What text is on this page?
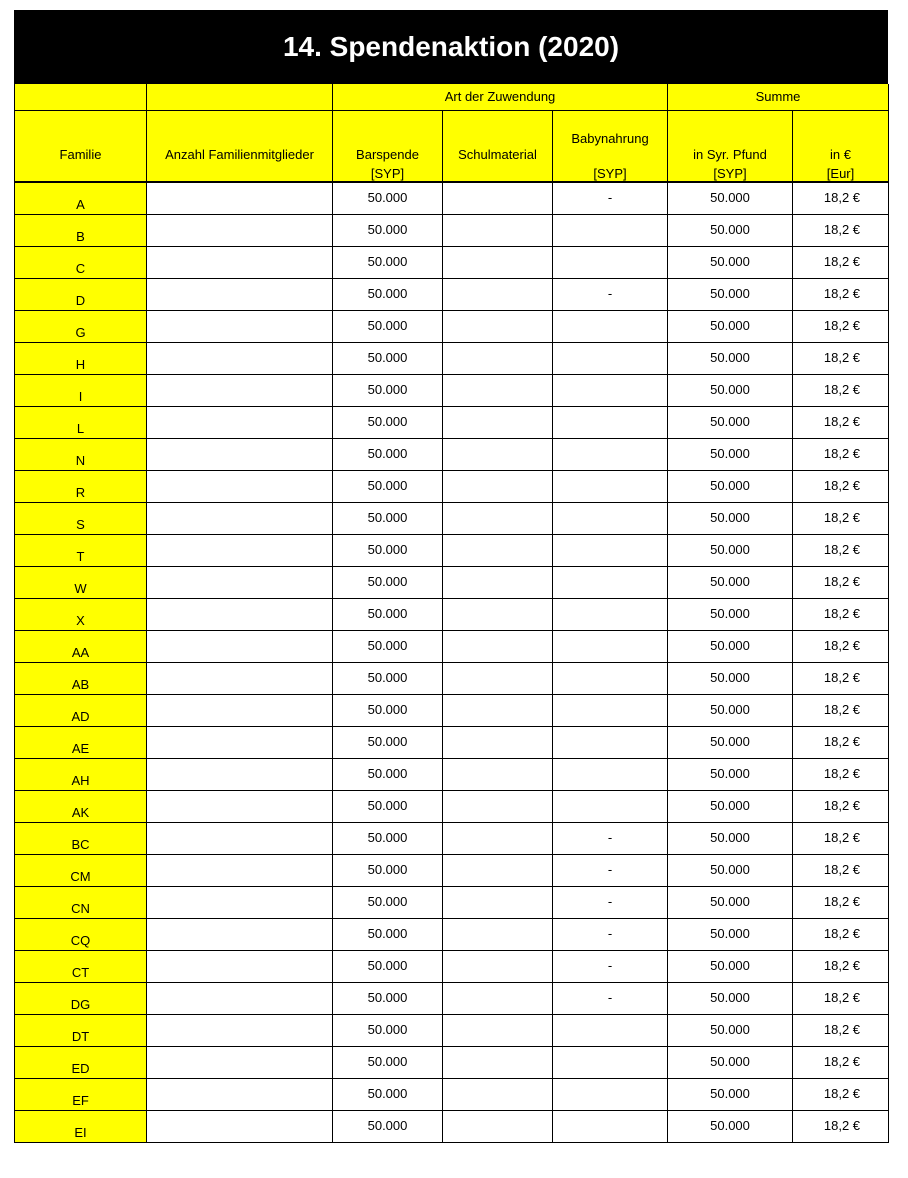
14. Spendenaktion (2020)
		Art der Zuwendung			Summe	
Familie	Anzahl Familienmitglieder	Barspende	Schulmaterial	Babynahrung	in Syr. Pfund	in €
		[SYP]		[SYP]	[SYP]	[Eur]
A		50.000		-	50.000	18,2 €
B		50.000			50.000	18,2 €
C		50.000			50.000	18,2 €
D		50.000		-	50.000	18,2 €
G		50.000			50.000	18,2 €
H		50.000			50.000	18,2 €
I		50.000			50.000	18,2 €
L		50.000			50.000	18,2 €
N		50.000			50.000	18,2 €
R		50.000			50.000	18,2 €
S		50.000			50.000	18,2 €
T		50.000			50.000	18,2 €
W		50.000			50.000	18,2 €
X		50.000			50.000	18,2 €
AA		50.000			50.000	18,2 €
AB		50.000			50.000	18,2 €
AD		50.000			50.000	18,2 €
AE		50.000			50.000	18,2 €
AH		50.000			50.000	18,2 €
AK		50.000			50.000	18,2 €
BC		50.000		-	50.000	18,2 €
CM		50.000		-	50.000	18,2 €
CN		50.000		-	50.000	18,2 €
CQ		50.000		-	50.000	18,2 €
CT		50.000		-	50.000	18,2 €
DG		50.000		-	50.000	18,2 €
DT		50.000			50.000	18,2 €
ED		50.000			50.000	18,2 €
EF		50.000			50.000	18,2 €
EI		50.000			50.000	18,2 €
